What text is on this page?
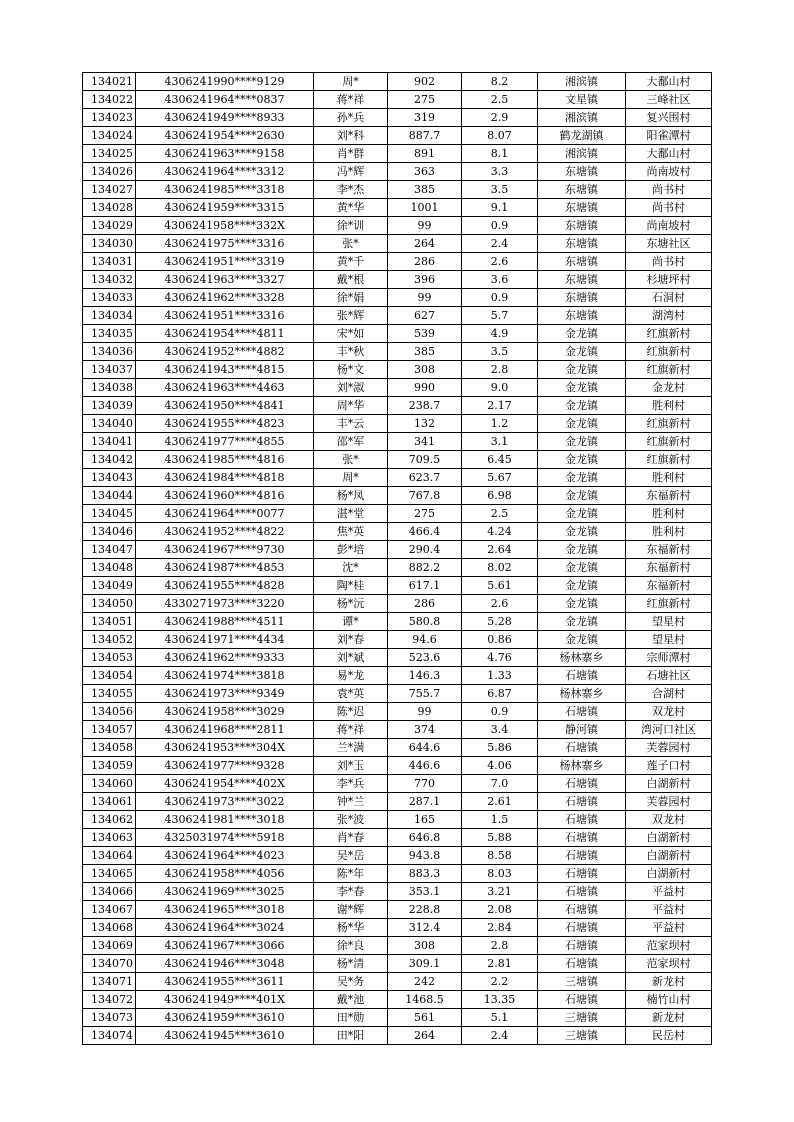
134021	4306241990****9129	周*	902	8.2	湘滨镇	大鄱山村
134022	4306241964****0837	蒋*祥	275	2.5	文星镇	三峰社区
134023	4306241949****8933	孙*兵	319	2.9	湘滨镇	复兴围村
134024	4306241954****2630	刘*科	887.7	8.07	鹤龙湖镇	阳雀潭村
134025	4306241963****9158	肖*群	891	8.1	湘滨镇	大鄱山村
134026	4306241964****3312	冯*辉	363	3.3	东塘镇	尚南坡村
134027	4306241985****3318	李*杰	385	3.5	东塘镇	尚书村
134028	4306241959****3315	黄*华	1001	9.1	东塘镇	尚书村
134029	4306241958****332X	徐*训	99	0.9	东塘镇	尚南坡村
134030	4306241975****3316	张*	264	2.4	东塘镇	东塘社区
134031	4306241951****3319	黄*千	286	2.6	东塘镇	尚书村
134032	4306241963****3327	戴*根	396	3.6	东塘镇	杉塘坪村
134033	4306241962****3328	徐*娟	99	0.9	东塘镇	石洞村
134034	4306241951****3316	张*辉	627	5.7	东塘镇	湖湾村
134035	4306241954****4811	宋*如	539	4.9	金龙镇	红旗新村
134036	4306241952****4882	丰*秋	385	3.5	金龙镇	红旗新村
134037	4306241943****4815	杨*文	308	2.8	金龙镇	红旗新村
134038	4306241963****4463	刘*淑	990	9.0	金龙镇	金龙村
134039	4306241950****4841	周*华	238.7	2.17	金龙镇	胜利村
134040	4306241955****4823	丰*云	132	1.2	金龙镇	红旗新村
134041	4306241977****4855	邵*军	341	3.1	金龙镇	红旗新村
134042	4306241985****4816	张*	709.5	6.45	金龙镇	红旗新村
134043	4306241984****4818	周*	623.7	5.67	金龙镇	胜利村
134044	4306241960****4816	杨*凤	767.8	6.98	金龙镇	东福新村
134045	4306241964****0077	湛*堂	275	2.5	金龙镇	胜利村
134046	4306241952****4822	焦*英	466.4	4.24	金龙镇	胜利村
134047	4306241967****9730	彭*培	290.4	2.64	金龙镇	东福新村
134048	4306241987****4853	沈*	882.2	8.02	金龙镇	东福新村
134049	4306241955****4828	陶*桂	617.1	5.61	金龙镇	东福新村
134050	4330271973****3220	杨*沅	286	2.6	金龙镇	红旗新村
134051	4306241988****4511	谭*	580.8	5.28	金龙镇	望星村
134052	4306241971****4434	刘*春	94.6	0.86	金龙镇	望星村
134053	4306241962****9333	刘*斌	523.6	4.76	杨林寨乡	宗师潭村
134054	4306241974****3818	易*龙	146.3	1.33	石塘镇	石塘社区
134055	4306241973****9349	袁*英	755.7	6.87	杨林寨乡	合湖村
134056	4306241958****3029	陈*迟	99	0.9	石塘镇	双龙村
134057	4306241968****2811	蒋*祥	374	3.4	静河镇	湾河口社区
134058	4306241953****304X	兰*满	644.6	5.86	石塘镇	芙蓉园村
134059	4306241977****9328	刘*玉	446.6	4.06	杨林寨乡	莲子口村
134060	4306241954****402X	李*兵	770	7.0	石塘镇	白湖新村
134061	4306241973****3022	钟*兰	287.1	2.61	石塘镇	芙蓉园村
134062	4306241981****3018	张*波	165	1.5	石塘镇	双龙村
134063	4325031974****5918	肖*春	646.8	5.88	石塘镇	白湖新村
134064	4306241964****4023	吴*岳	943.8	8.58	石塘镇	白湖新村
134065	4306241958****4056	陈*年	883.3	8.03	石塘镇	白湖新村
134066	4306241969****3025	李*春	353.1	3.21	石塘镇	平益村
134067	4306241965****3018	谢*辉	228.8	2.08	石塘镇	平益村
134068	4306241964****3024	杨*华	312.4	2.84	石塘镇	平益村
134069	4306241967****3066	徐*良	308	2.8	石塘镇	范家坝村
134070	4306241946****3048	杨*清	309.1	2.81	石塘镇	范家坝村
134071	4306241955****3611	吴*务	242	2.2	三塘镇	新龙村
134072	4306241949****401X	戴*池	1468.5	13.35	石塘镇	楠竹山村
134073	4306241959****3610	田*勋	561	5.1	三塘镇	新龙村
134074	4306241945****3610	田*阳	264	2.4	三塘镇	民岳村
